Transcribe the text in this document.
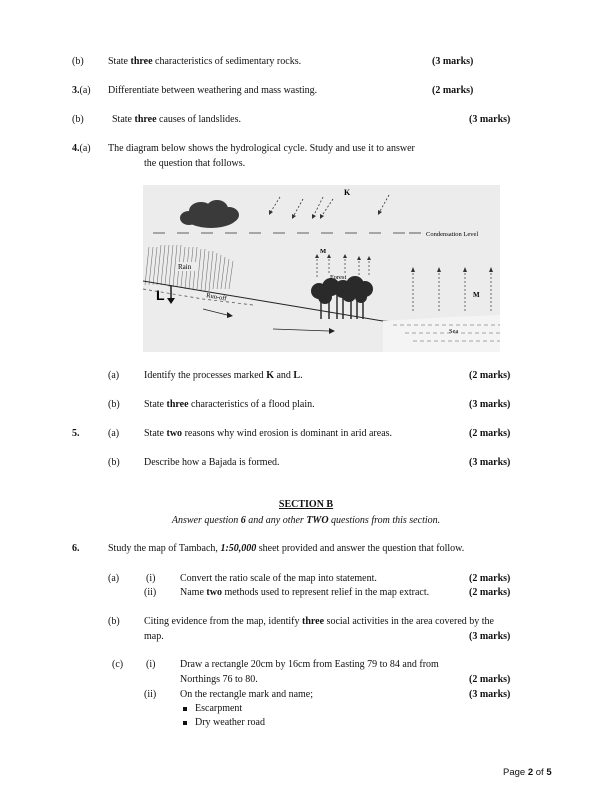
(b) State three characteristics of sedimentary rocks.	(3 marks)
3.(a) Differentiate between weathering and mass wasting.	(2 marks)
(b)	State three causes of landslides.	(3 marks)
4.(a) The diagram below shows the hydrological cycle. Study and use it to answer
the question that follows.
K
Condensation Level
Rain
L	Run-off
Forest
M
Sea
M
(a) Identify the processes marked K and L.	(2 marks)
(b) State three characteristics of a flood plain.	(3 marks)
5.	(a) State two reasons why wind erosion is dominant in arid areas.	(2 marks)
(b) Describe how a Bajada is formed.	(3 marks)
SECTION B
Answer question 6 and any other TWO questions from this section.
6.	Study the map of Tambach, 1:50,000 sheet provided and answer the question that follow.
(a)	(i) Convert the ratio scale of the map into statement.	(2 marks)
(ii) Name two methods used to represent relief in the map extract.	(2 marks)
(b) Citing evidence from the map, identify three social activities in the area covered by the
map.	(3 marks)
(c) (i) Draw a rectangle 20cm by 16cm from Easting 79 to 84 and from
Northings 76 to 80.	(2 marks)
(ii) On the rectangle mark and name;	(3 marks)
Escarpment
Dry weather road
Page 2 of 5
